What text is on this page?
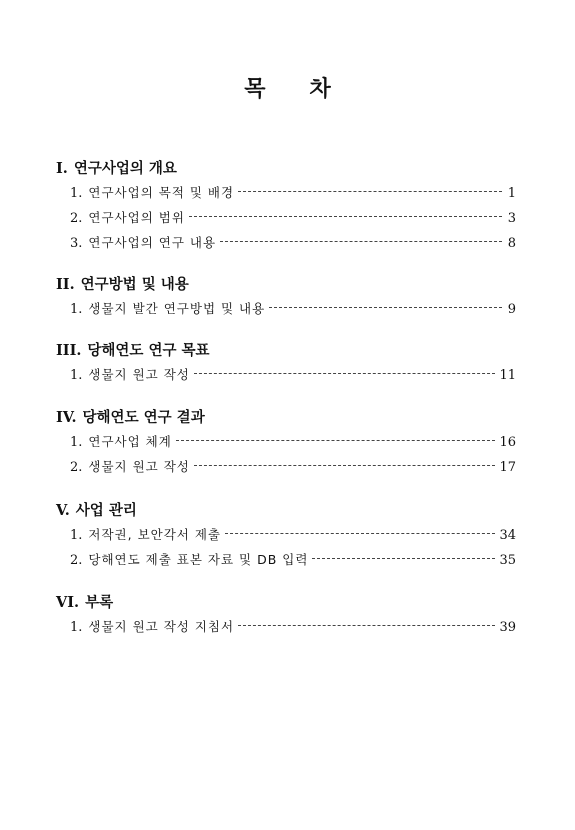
목 차
I. 연구사업의 개요
1. 연구사업의 목적 및 배경	1
2. 연구사업의 범위	3
3. 연구사업의 연구 내용	8
II. 연구방법 및 내용
1. 생물지 발간 연구방법 및 내용	9
III. 당해연도 연구 목표
1. 생물지 원고 작성	11
IV. 당해연도 연구 결과
1. 연구사업 체계	16
2. 생물지 원고 작성	17
V. 사업 관리
1. 저작권, 보안각서 제출	34
2. 당해연도 제출 표본 자료 및 DB 입력	35
VI. 부록
1. 생물지 원고 작성 지침서	39
